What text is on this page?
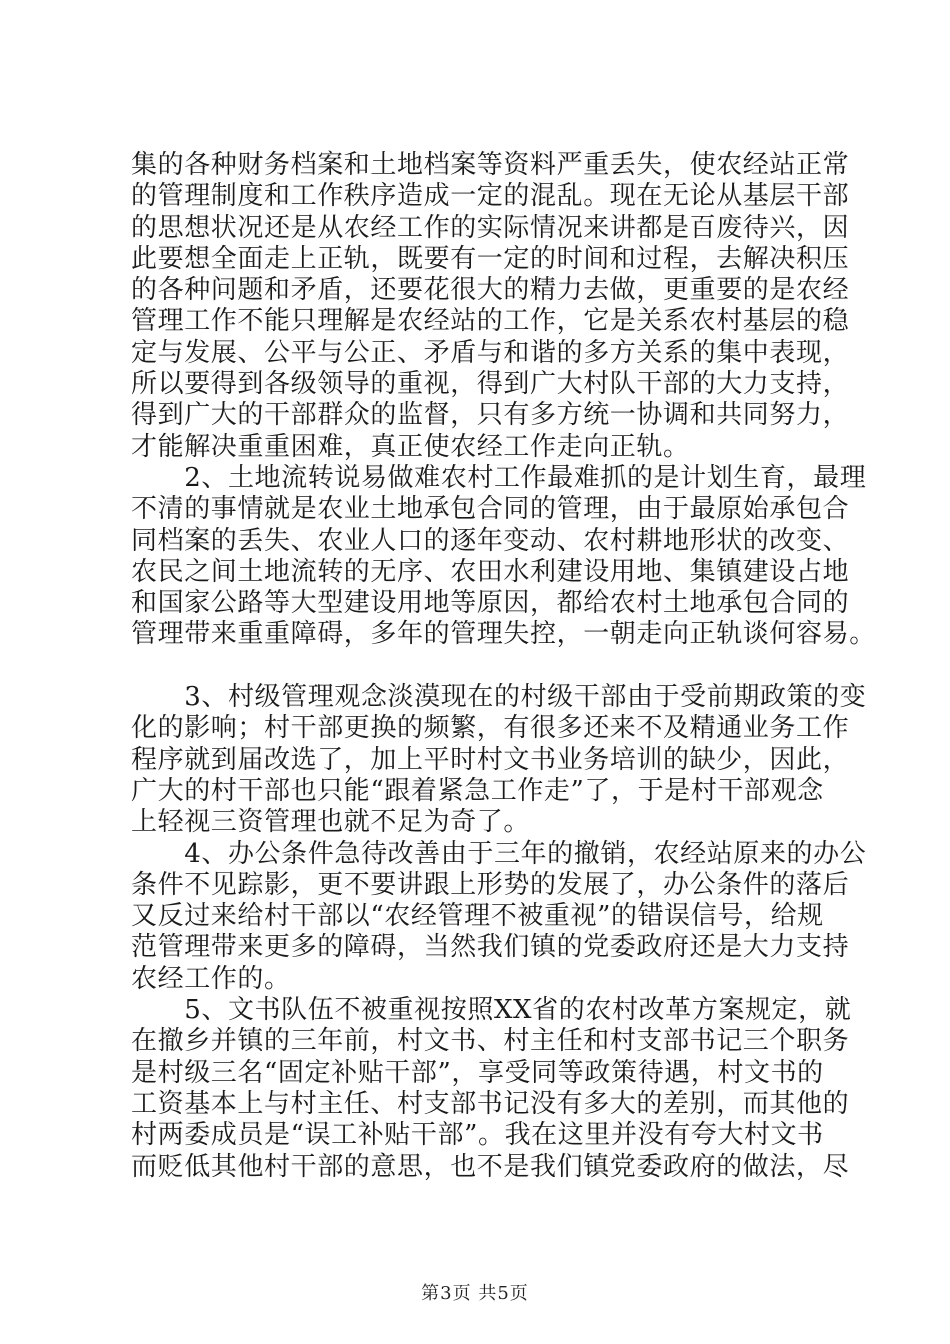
集的各种财务档案和土地档案等资料严重丢失，使农经站正常
的管理制度和工作秩序造成一定的混乱。现在无论从基层干部
的思想状况还是从农经工作的实际情况来讲都是百废待兴，因
此要想全面走上正轨，既要有一定的时间和过程，去解决积压
的各种问题和矛盾，还要花很大的精力去做，更重要的是农经
管理工作不能只理解是农经站的工作，它是关系农村基层的稳
定与发展、公平与公正、矛盾与和谐的多方关系的集中表现，
所以要得到各级领导的重视，得到广大村队干部的大力支持，
得到广大的干部群众的监督，只有多方统一协调和共同努力，
才能解决重重困难，真正使农经工作走向正轨。
　　2、土地流转说易做难农村工作最难抓的是计划生育，最理
不清的事情就是农业土地承包合同的管理，由于最原始承包合
同档案的丢失、农业人口的逐年变动、农村耕地形状的改变、
农民之间土地流转的无序、农田水利建设用地、集镇建设占地
和国家公路等大型建设用地等原因，都给农村土地承包合同的
管理带来重重障碍，多年的管理失控，一朝走向正轨谈何容易。
　　3、村级管理观念淡漠现在的村级干部由于受前期政策的变
化的影响；村干部更换的频繁，有很多还来不及精通业务工作
程序就到届改选了，加上平时村文书业务培训的缺少，因此，
广大的村干部也只能“跟着紧急工作走”了，于是村干部观念
上轻视三资管理也就不足为奇了。
　　4、办公条件急待改善由于三年的撤销，农经站原来的办公
条件不见踪影，更不要讲跟上形势的发展了，办公条件的落后
又反过来给村干部以“农经管理不被重视”的错误信号，给规
范管理带来更多的障碍，当然我们镇的党委政府还是大力支持
农经工作的。
　　5、文书队伍不被重视按照XX省的农村改革方案规定，就
在撤乡并镇的三年前，村文书、村主任和村支部书记三个职务
是村级三名“固定补贴干部”，享受同等政策待遇，村文书的
工资基本上与村主任、村支部书记没有多大的差别，而其他的
村两委成员是“误工补贴干部”。我在这里并没有夸大村文书
而贬低其他村干部的意思，也不是我们镇党委政府的做法，尽
第3页 共5页
